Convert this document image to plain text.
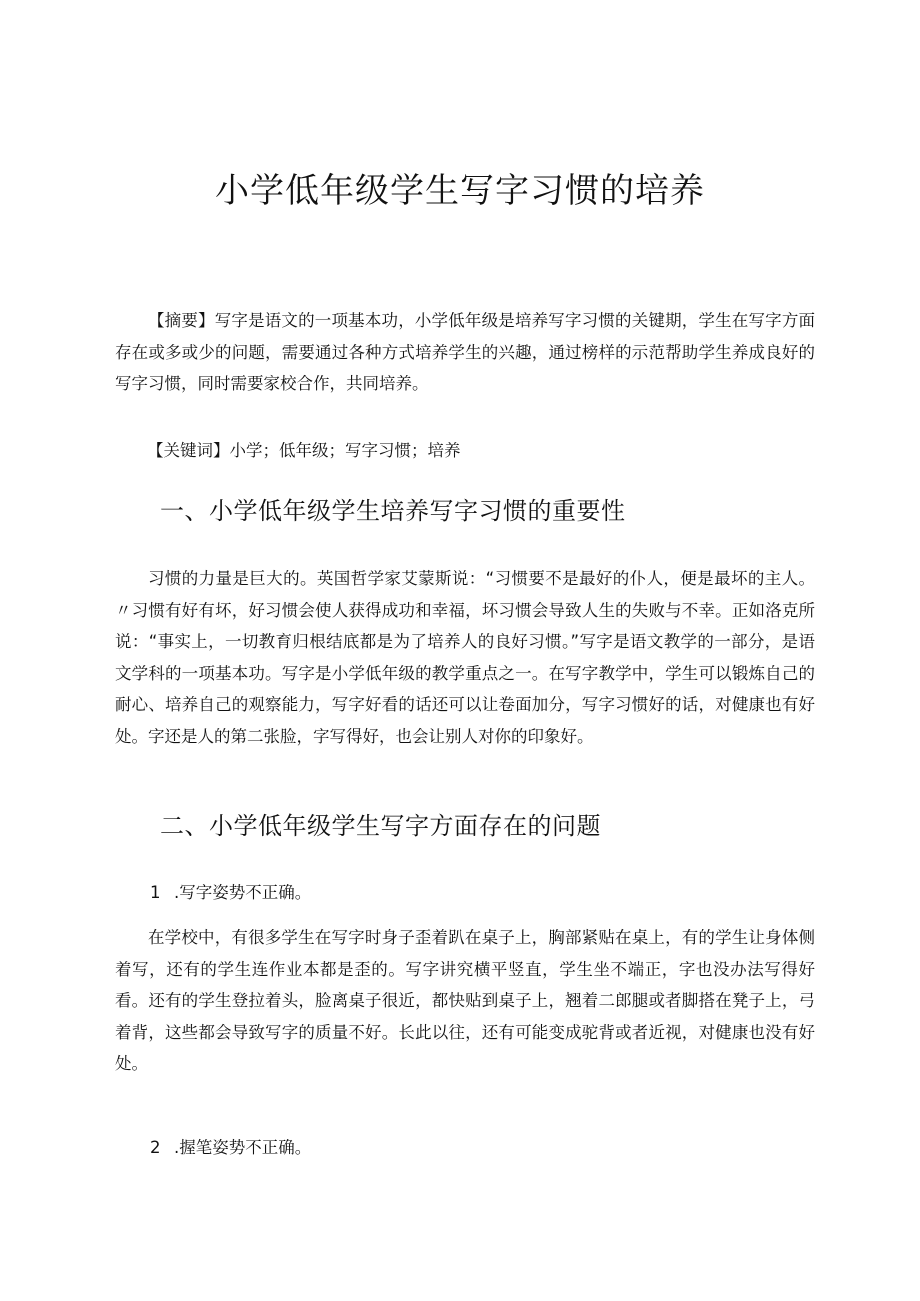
小学低年级学生写字习惯的培养

【摘要】写字是语文的一项基本功，小学低年级是培养写字习惯的关键期，学生在写字方面存在或多或少的问题，需要通过各种方式培养学生的兴趣，通过榜样的示范帮助学生养成良好的写字习惯，同时需要家校合作，共同培养。

【关键词】小学；低年级；写字习惯；培养

一、小学低年级学生培养写字习惯的重要性

习惯的力量是巨大的。英国哲学家艾蒙斯说：“习惯要不是最好的仆人，便是最坏的主人。〃习惯有好有坏，好习惯会使人获得成功和幸福，坏习惯会导致人生的失败与不幸。正如洛克所说：“事实上，一切教育归根结底都是为了培养人的良好习惯。”写字是语文教学的一部分，是语文学科的一项基本功。写字是小学低年级的教学重点之一。在写字教学中，学生可以锻炼自己的耐心、培养自己的观察能力，写字好看的话还可以让卷面加分，写字习惯好的话，对健康也有好处。字还是人的第二张脸，字写得好，也会让别人对你的印象好。

二、小学低年级学生写字方面存在的问题

1 .写字姿势不正确。

在学校中，有很多学生在写字时身子歪着趴在桌子上，胸部紧贴在桌上，有的学生让身体侧着写，还有的学生连作业本都是歪的。写字讲究横平竖直，学生坐不端正，字也没办法写得好看。还有的学生登拉着头，脸离桌子很近，都快贴到桌子上，翘着二郎腿或者脚搭在凳子上，弓着背，这些都会导致写字的质量不好。长此以往，还有可能变成驼背或者近视，对健康也没有好处。

2 .握笔姿势不正确。
